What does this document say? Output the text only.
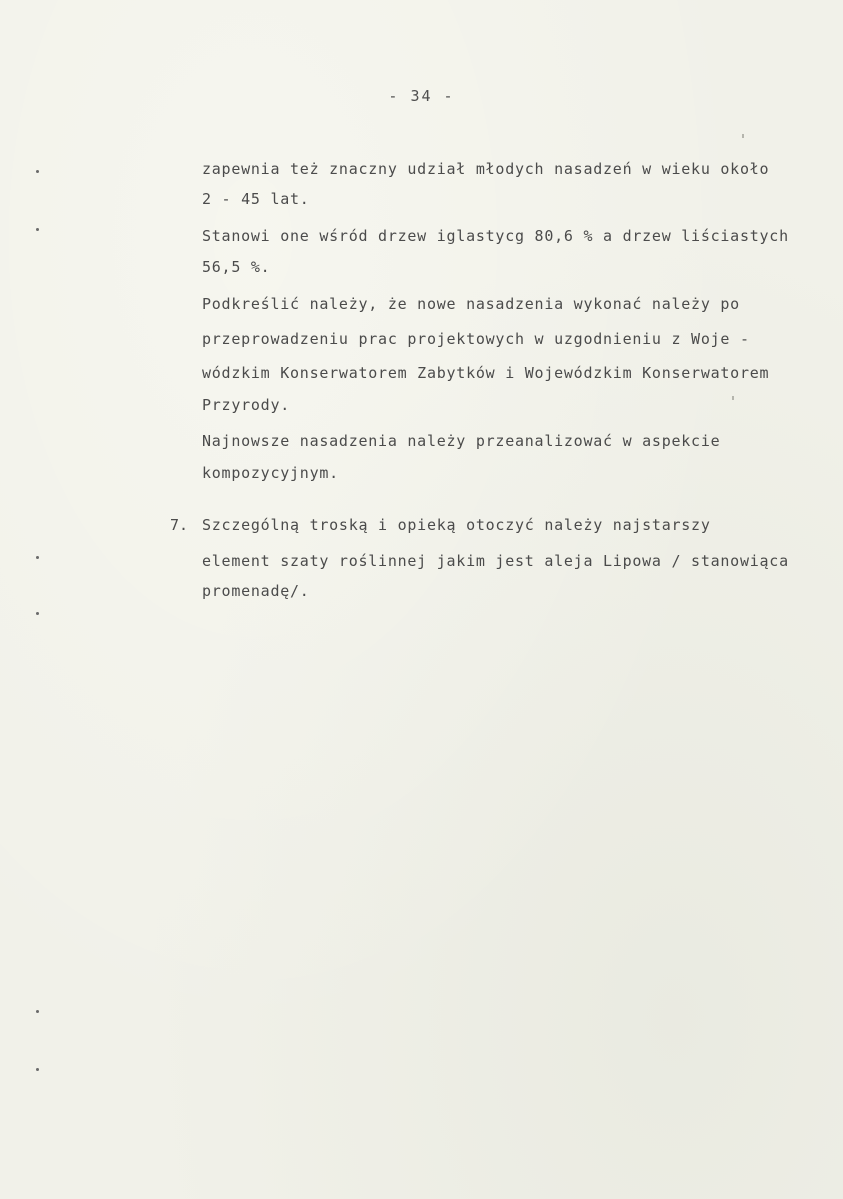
- 34 -
zapewnia też znaczny udział młodych nasadzeń w wieku około
2 - 45 lat.
Stanowi one wśród drzew iglastycg 80,6 % a drzew liściastych
56,5 %.
Podkreślić należy, że nowe nasadzenia wykonać należy po
przeprowadzeniu prac projektowych w uzgodnieniu z Woje -
wódzkim Konserwatorem Zabytków i Wojewódzkim Konserwatorem
Przyrody.
Najnowsze nasadzenia należy przeanalizować w aspekcie
kompozycyjnym.
7. Szczególną troską i opieką otoczyć należy najstarszy
element szaty roślinnej jakim jest aleja Lipowa / stanowiąca
promenadę/.
